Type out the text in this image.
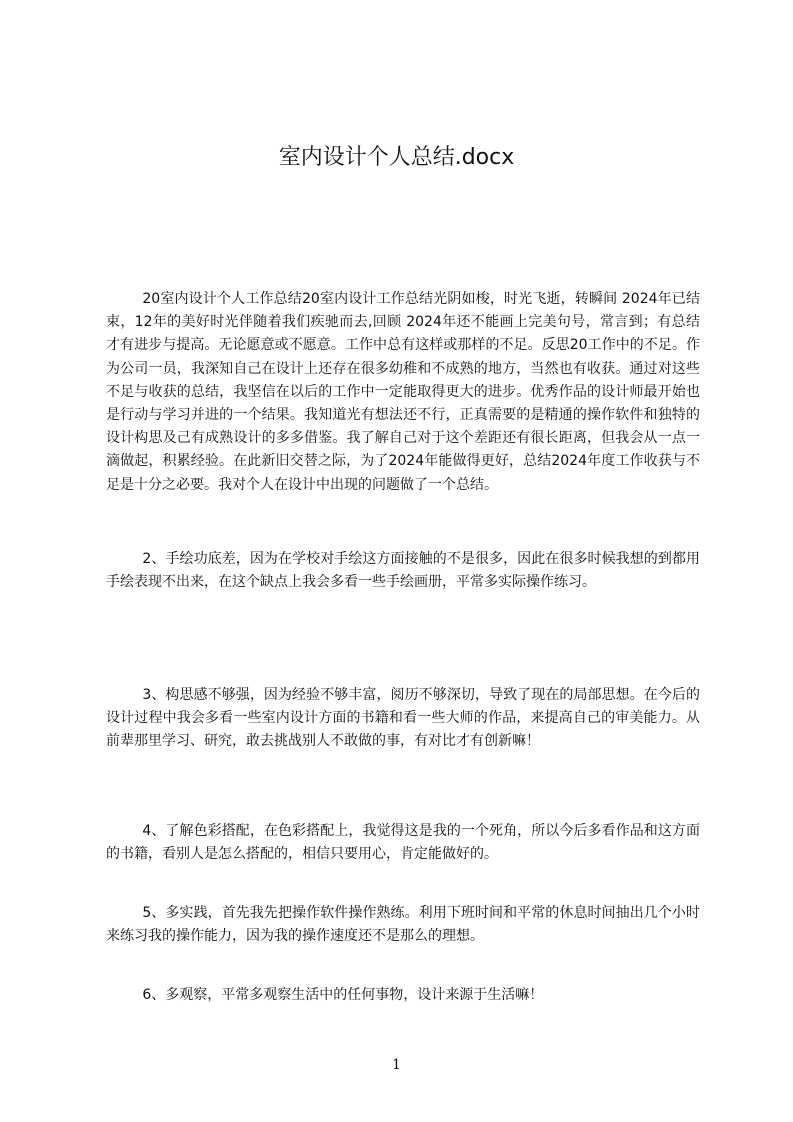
室内设计个人总结.docx
20室内设计个人工作总结20室内设计工作总结光阴如梭，时光飞逝，转瞬间 2024年已结束，12年的美好时光伴随着我们疾驰而去,回顾 2024年还不能画上完美句号，常言到；有总结才有进步与提高。无论愿意或不愿意。工作中总有这样或那样的不足。反思20工作中的不足。作为公司一员，我深知自己在设计上还存在很多幼稚和不成熟的地方，当然也有收获。通过对这些不足与收获的总结，我坚信在以后的工作中一定能取得更大的进步。优秀作品的设计师最开始也是行动与学习并进的一个结果。我知道光有想法还不行，正真需要的是精通的操作软件和独特的设计构思及己有成熟设计的多多借鉴。我了解自己对于这个差距还有很长距离，但我会从一点一滴做起，积累经验。在此新旧交替之际，为了2024年能做得更好，总结2024年度工作收获与不足是十分之必要。我对个人在设计中出现的问题做了一个总结。
2、手绘功底差，因为在学校对手绘这方面接触的不是很多，因此在很多时候我想的到都用手绘表现不出来，在这个缺点上我会多看一些手绘画册，平常多实际操作练习。
3、构思感不够强，因为经验不够丰富，阅历不够深切，导致了现在的局部思想。在今后的设计过程中我会多看一些室内设计方面的书籍和看一些大师的作品，来提高自己的审美能力。从前辈那里学习、研究，敢去挑战别人不敢做的事，有对比才有创新嘛！
4、了解色彩搭配，在色彩搭配上，我觉得这是我的一个死角，所以今后多看作品和这方面的书籍，看别人是怎么搭配的，相信只要用心，肯定能做好的。
5、多实践，首先我先把操作软件操作熟练。利用下班时间和平常的休息时间抽出几个小时来练习我的操作能力，因为我的操作速度还不是那么的理想。
6、多观察，平常多观察生活中的任何事物，设计来源于生活嘛！
1
